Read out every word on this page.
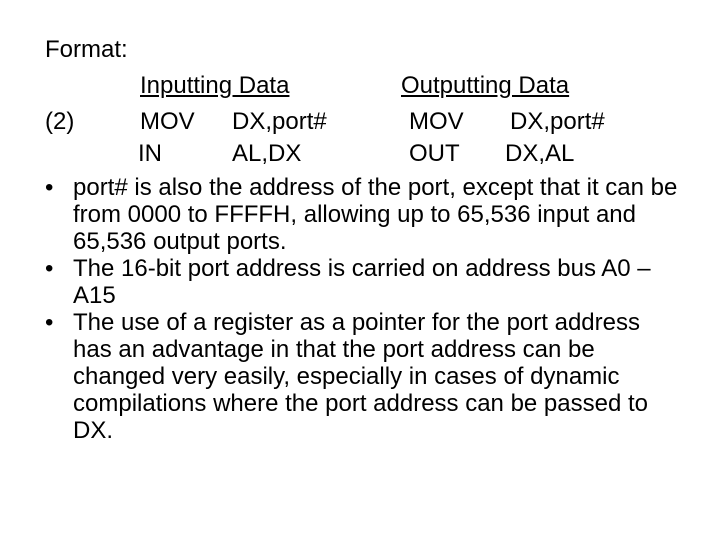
Format:
Inputting Data	Outputting Data
(2)	MOV DX,port#	MOV DX,port#
IN	AL,DX	OUT DX,AL
• port# is also the address of the port, except that it can be from 0000 to FFFFH, allowing up to 65,536 input and 65,536 output ports.
• The 16-bit port address is carried on address bus A0 – A15
• The use of a register as a pointer for the port address has an advantage in that the port address can be changed very easily, especially in cases of dynamic compilations where the port address can be passed to DX.
